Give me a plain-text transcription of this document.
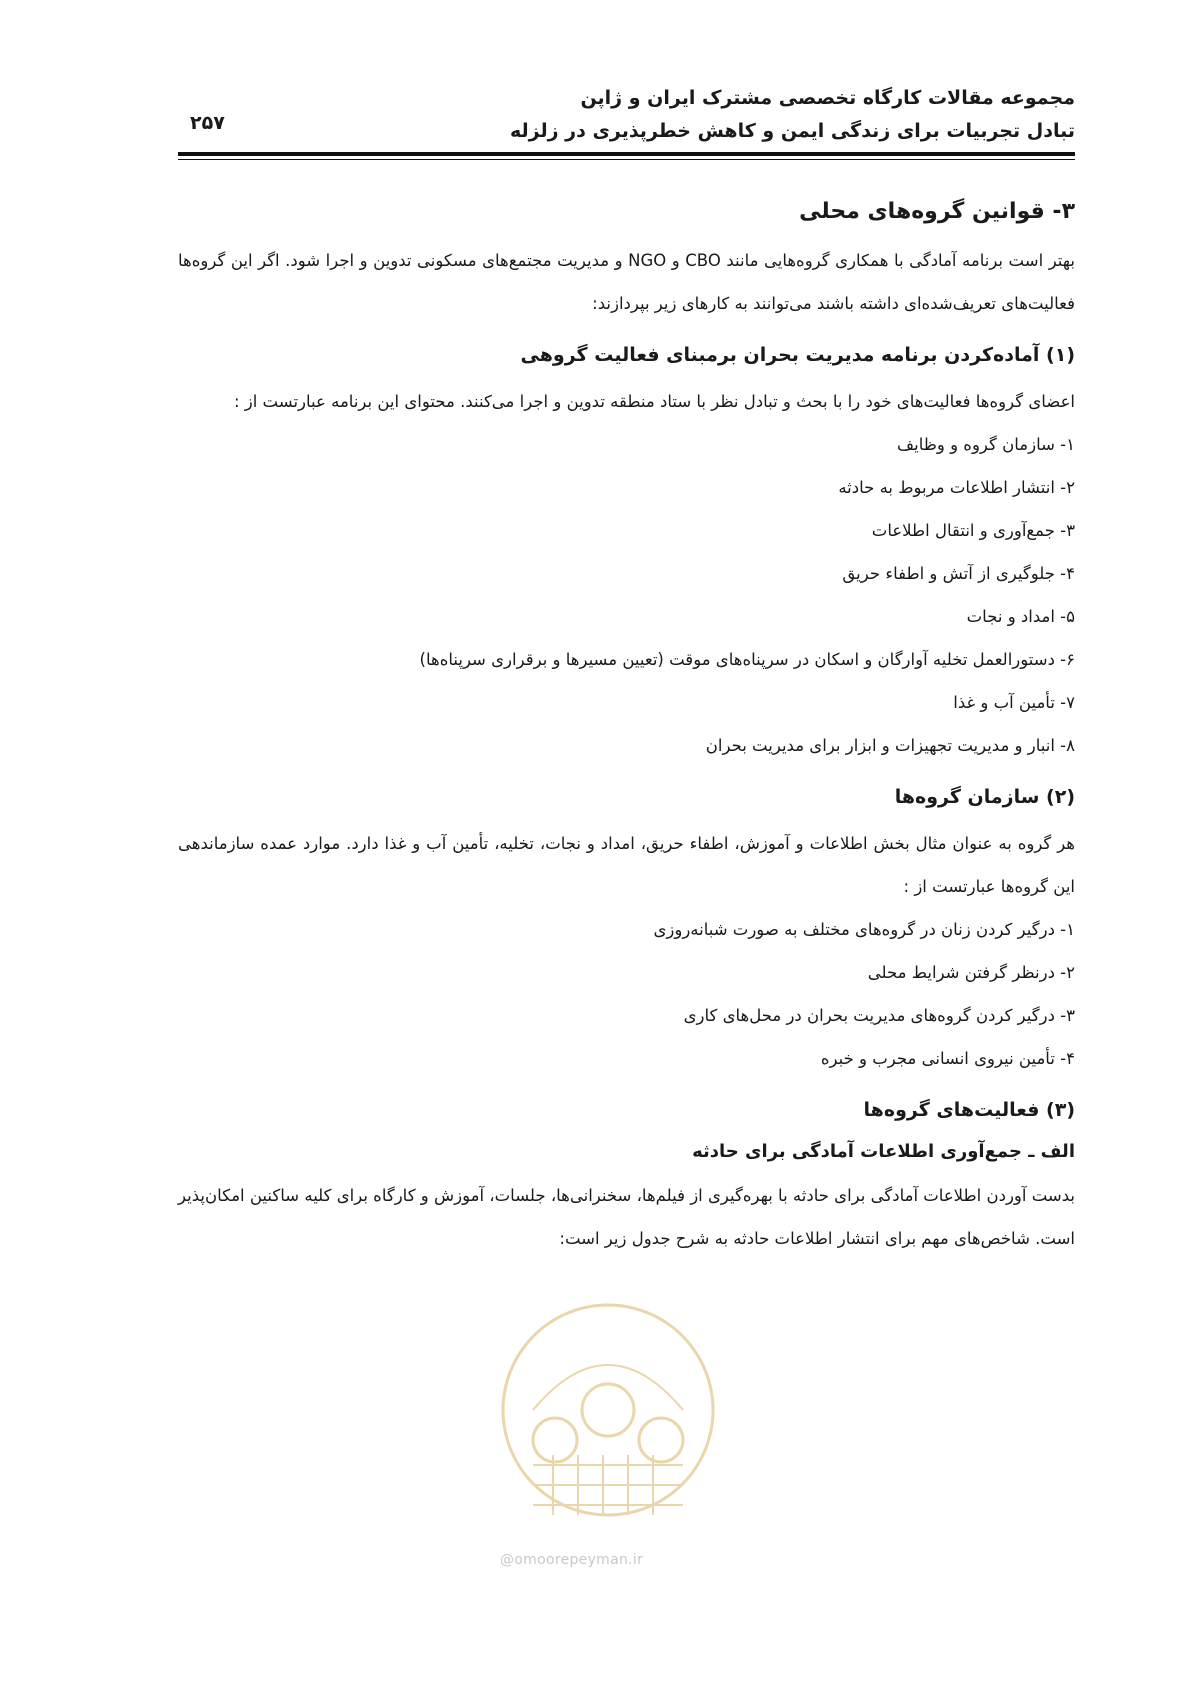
مجموعه مقالات کارگاه تخصصی مشترک ایران و ژاپن
تبادل تجربیات برای زندگی ایمن و کاهش خطرپذیری در زلزله
۲۵۷
۳- قوانین گروه‌های محلی

بهتر است برنامه آمادگی با همکاری گروه‌هایی مانند CBO و NGO و مدیریت مجتمع‌های مسکونی تدوین و اجرا شود. اگر این گروه‌ها فعالیت‌های تعریف‌شده‌ای داشته باشند می‌توانند به کارهای زیر بپردازند:

(۱) آماده‌کردن برنامه مدیریت بحران برمبنای فعالیت گروهی

اعضای گروه‌ها فعالیت‌های خود را با بحث و تبادل نظر با ستاد منطقه تدوین و اجرا می‌کنند. محتوای این برنامه عبارتست از :

۱- سازمان گروه و وظایف
۲- انتشار اطلاعات مربوط به حادثه
۳- جمع‌آوری و انتقال اطلاعات
۴- جلوگیری از آتش و اطفاء حریق
۵- امداد و نجات
۶- دستورالعمل تخلیه آوارگان و اسکان در سرپناه‌های موقت (تعیین مسیرها و برقراری سرپناه‌ها)
۷- تأمین آب و غذا
۸- انبار و مدیریت تجهیزات و ابزار برای مدیریت بحران
(۲) سازمان گروه‌ها

هر گروه به عنوان مثال بخش اطلاعات و آموزش، اطفاء حریق، امداد و نجات، تخلیه، تأمین آب و غذا دارد. موارد عمده سازماندهی این گروه‌ها عبارتست از :

۱- درگیر کردن زنان در گروه‌های مختلف به صورت شبانه‌روزی
۲- درنظر گرفتن شرایط محلی
۳- درگیر کردن گروه‌های مدیریت بحران در محل‌های کاری
۴- تأمین نیروی انسانی مجرب و خبره
(۳) فعالیت‌های گروه‌ها
الف ـ جمع‌آوری اطلاعات آمادگی برای حادثه

بدست آوردن اطلاعات آمادگی برای حادثه با بهره‌گیری از فیلم‌ها، سخنرانی‌ها، جلسات، آموزش و کارگاه برای کلیه ساکنین امکان‌پذیر است. شاخص‌های مهم برای انتشار اطلاعات حادثه به شرح جدول زیر است:

@omoorepeyman.ir
